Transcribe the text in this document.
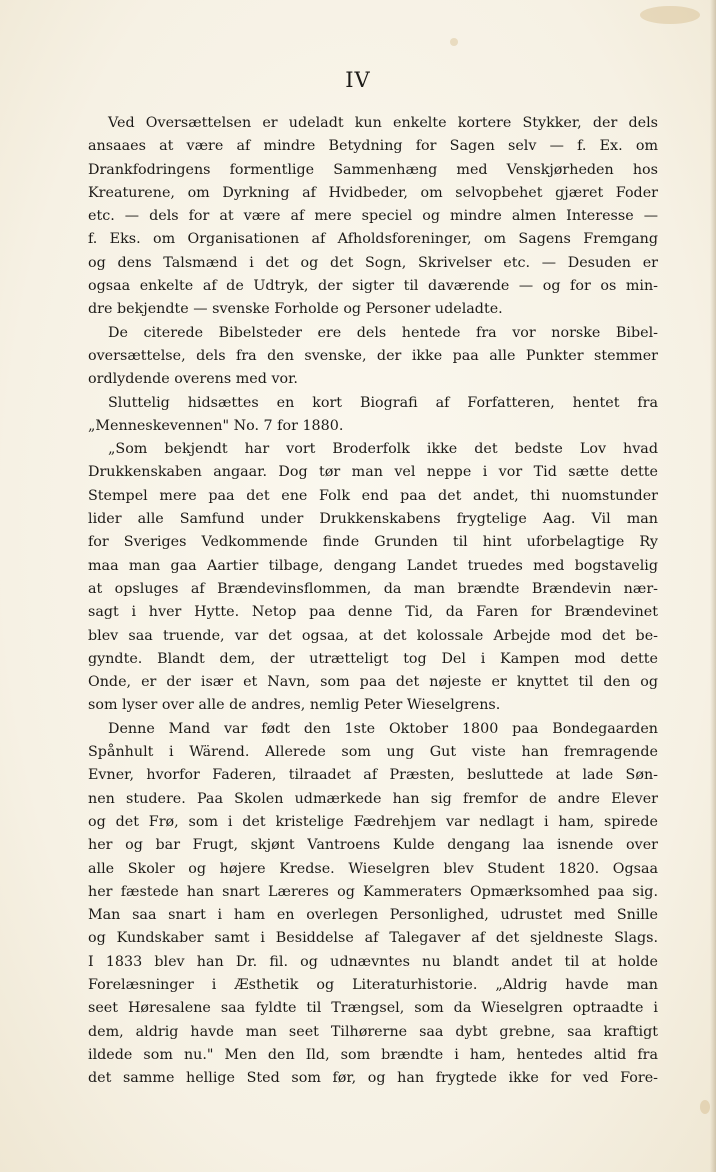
IV
Ved Oversættelsen er udeladt kun enkelte kortere Stykker, der dels
ansaaes at være af mindre Betydning for Sagen selv — f. Ex. om
Drankfodringens formentlige Sammenhæng med Venskjørheden hos
Kreaturene, om Dyrkning af Hvidbeder, om selvopbehet gjæret Foder
etc. — dels for at være af mere speciel og mindre almen Interesse —
f. Eks. om Organisationen af Afholdsforeninger, om Sagens Fremgang
og dens Talsmænd i det og det Sogn, Skrivelser etc. — Desuden er
ogsaa enkelte af de Udtryk, der sigter til daværende — og for os min-
dre bekjendte — svenske Forholde og Personer udeladte.
De citerede Bibelsteder ere dels hentede fra vor norske Bibel-
oversættelse, dels fra den svenske, der ikke paa alle Punkter stemmer
ordlydende overens med vor.
Sluttelig hidsættes en kort Biografi af Forfatteren, hentet fra
„Menneskevennen" No. 7 for 1880.
„Som bekjendt har vort Broderfolk ikke det bedste Lov hvad
Drukkenskaben angaar. Dog tør man vel neppe i vor Tid sætte dette
Stempel mere paa det ene Folk end paa det andet, thi nuomstunder
lider alle Samfund under Drukkenskabens frygtelige Aag. Vil man
for Sveriges Vedkommende finde Grunden til hint uforbelagtige Ry
maa man gaa Aartier tilbage, dengang Landet truedes med bogstavelig
at opsluges af Brændevinsflommen, da man brændte Brændevin nær-
sagt i hver Hytte. Netop paa denne Tid, da Faren for Brændevinet
blev saa truende, var det ogsaa, at det kolossale Arbejde mod det be-
gyndte. Blandt dem, der utrætteligt tog Del i Kampen mod dette
Onde, er der især et Navn, som paa det nøjeste er knyttet til den og
som lyser over alle de andres, nemlig Peter Wieselgrens.
Denne Mand var født den 1ste Oktober 1800 paa Bondegaarden
Spånhult i Wärend. Allerede som ung Gut viste han fremragende
Evner, hvorfor Faderen, tilraadet af Præsten, besluttede at lade Søn-
nen studere. Paa Skolen udmærkede han sig fremfor de andre Elever
og det Frø, som i det kristelige Fædrehjem var nedlagt i ham, spirede
her og bar Frugt, skjønt Vantroens Kulde dengang laa isnende over
alle Skoler og højere Kredse. Wieselgren blev Student 1820. Ogsaa
her fæstede han snart Læreres og Kammeraters Opmærksomhed paa sig.
Man saa snart i ham en overlegen Personlighed, udrustet med Snille
og Kundskaber samt i Besiddelse af Talegaver af det sjeldneste Slags.
I 1833 blev han Dr. fil. og udnævntes nu blandt andet til at holde
Forelæsninger i Æsthetik og Literaturhistorie. „Aldrig havde man
seet Høresalene saa fyldte til Trængsel, som da Wieselgren optraadte i
dem, aldrig havde man seet Tilhørerne saa dybt grebne, saa kraftigt
ildede som nu." Men den Ild, som brændte i ham, hentedes altid fra
det samme hellige Sted som før, og han frygtede ikke for ved Fore-
